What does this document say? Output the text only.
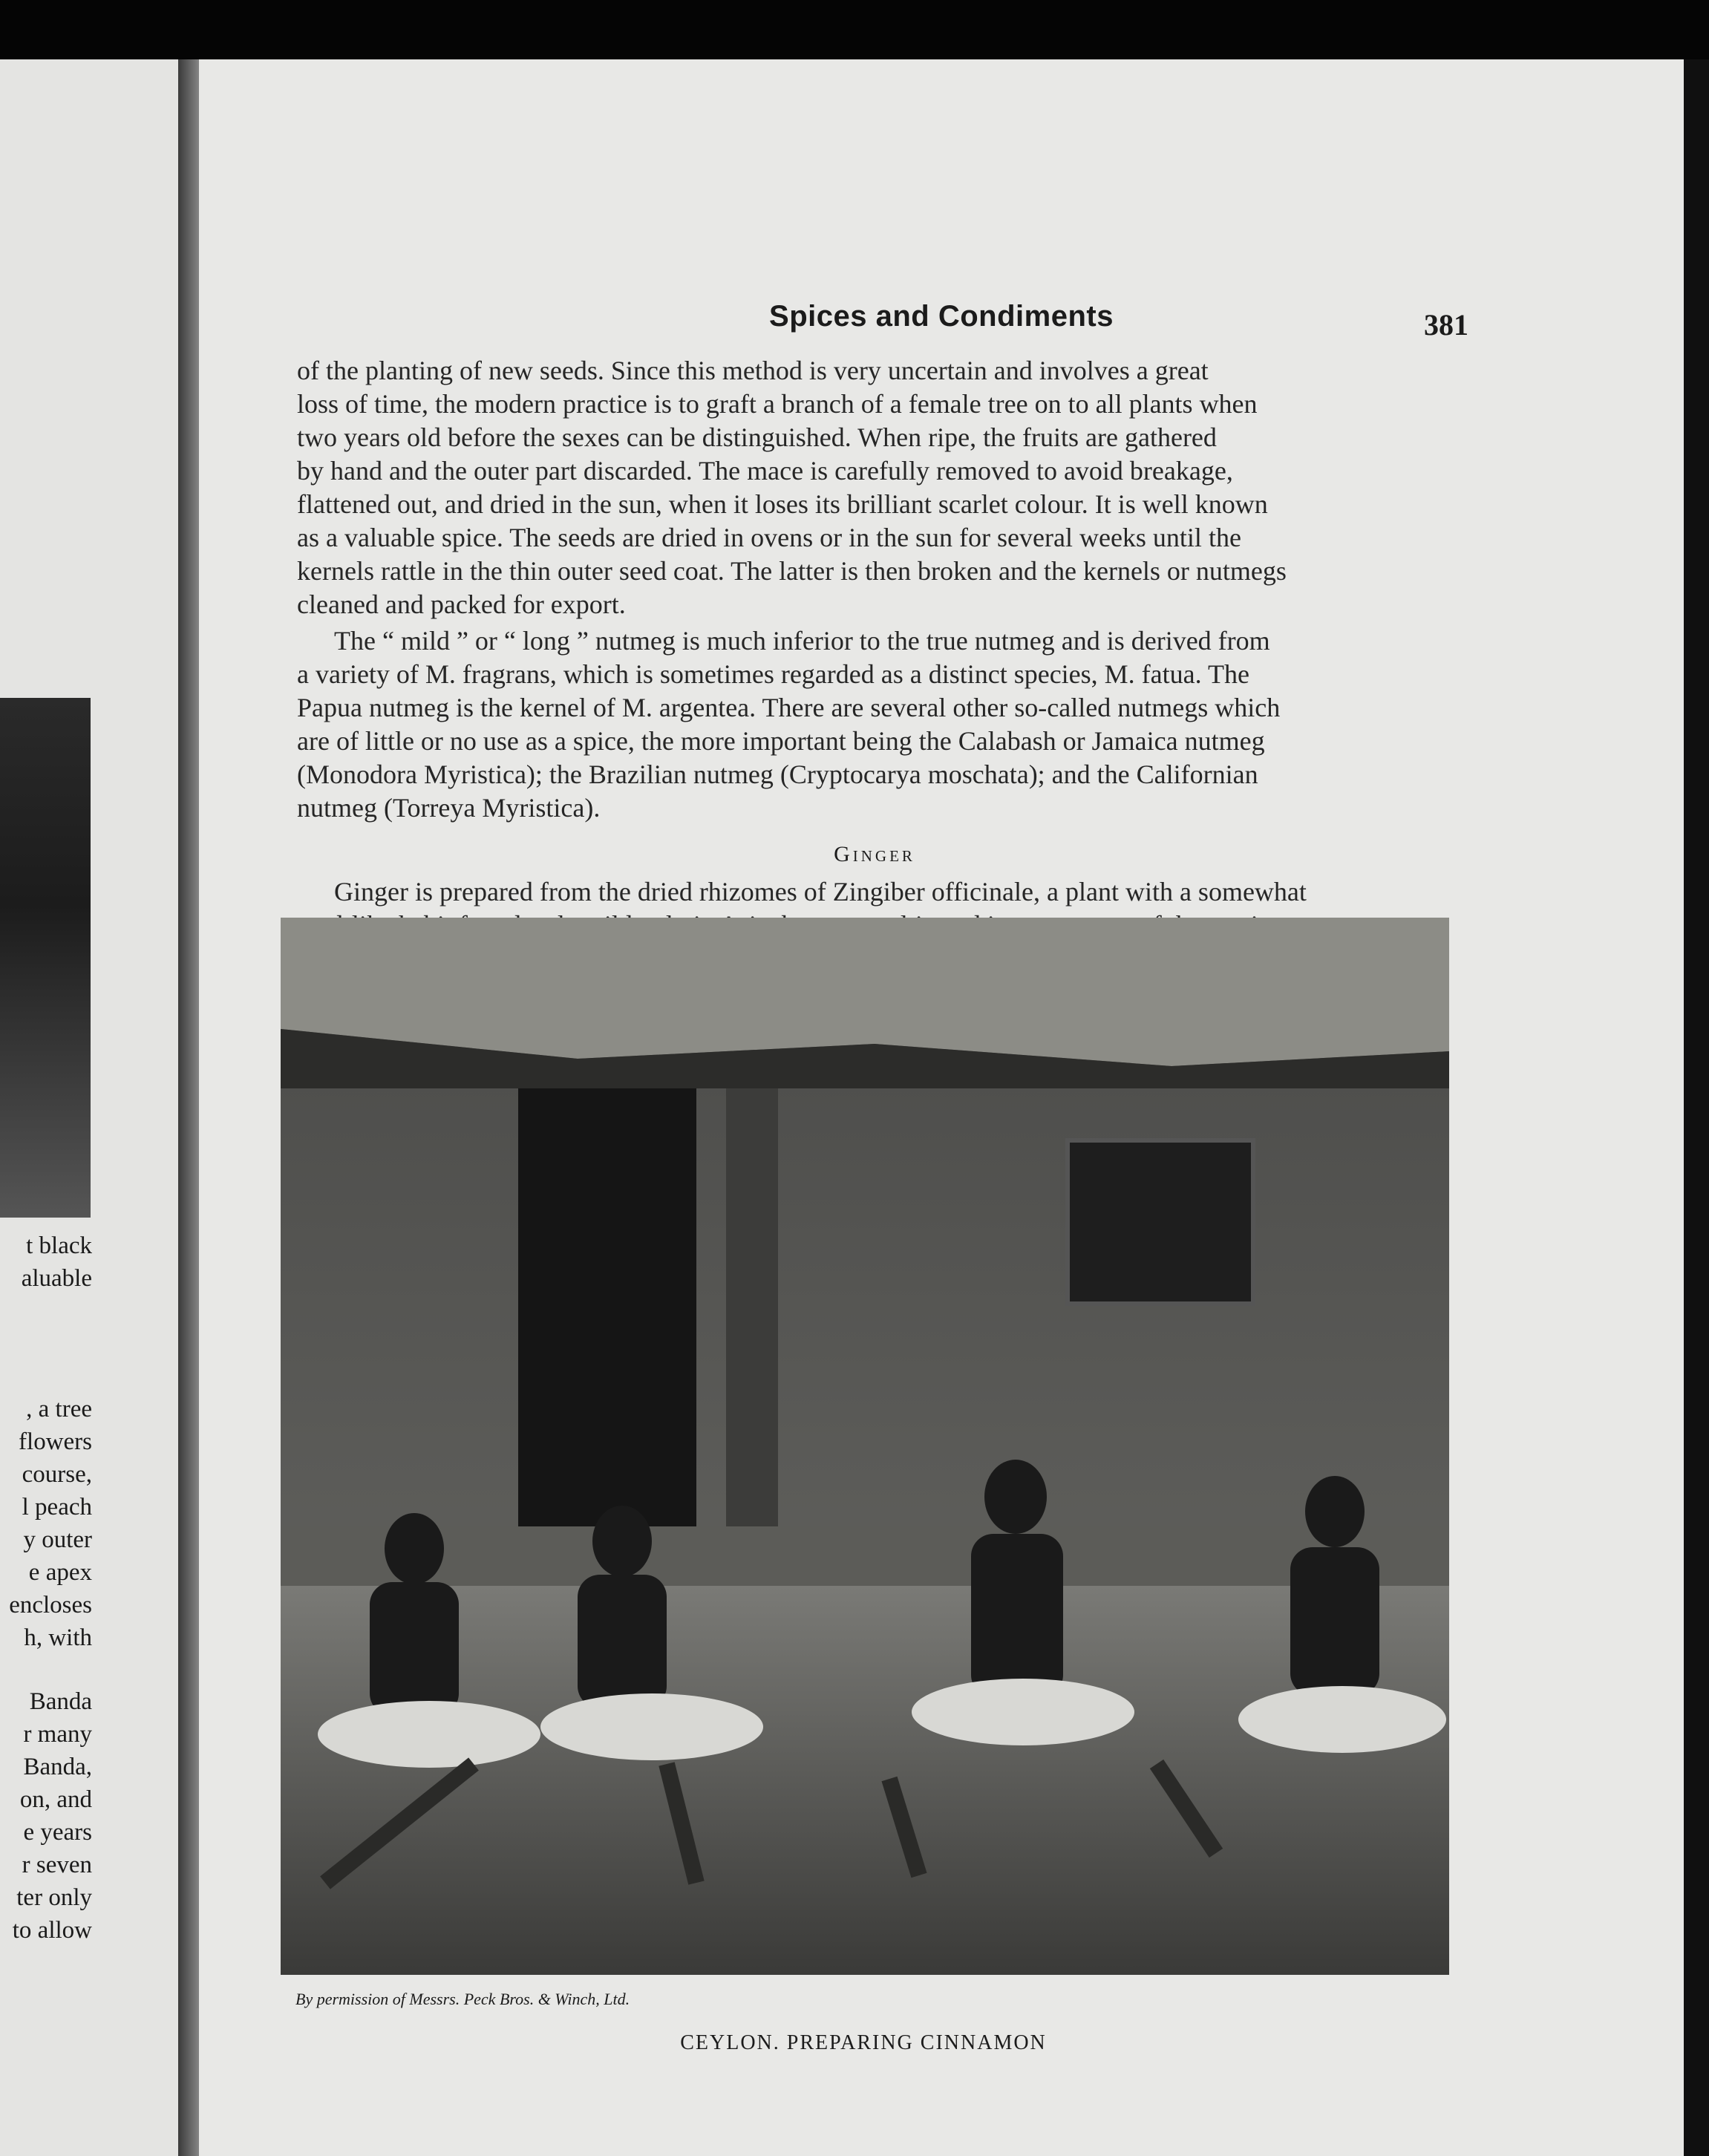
t black
aluable
, a tree
flowers
course,
l peach
y outer
e apex
encloses
h, with
Banda
r many
Banda,
on, and
e years
r seven
ter only
to allow
Spices and Condiments	381
of the planting of new seeds. Since this method is very uncertain and involves a great
loss of time, the modern practice is to graft a branch of a female tree on to all plants when
two years old before the sexes can be distinguished. When ripe, the fruits are gathered
by hand and the outer part discarded. The mace is carefully removed to avoid breakage,
flattened out, and dried in the sun, when it loses its brilliant scarlet colour. It is well known
as a valuable spice. The seeds are dried in ovens or in the sun for several weeks until the
kernels rattle in the thin outer seed coat. The latter is then broken and the kernels or nutmegs
cleaned and packed for export.
The “ mild ” or “ long ” nutmeg is much inferior to the true nutmeg and is derived from
a variety of M. fragrans, which is sometimes regarded as a distinct species, M. fatua. The
Papua nutmeg is the kernel of M. argentea. There are several other so-called nutmegs which
are of little or no use as a spice, the more important being the Calabash or Jamaica nutmeg
(Monodora Myristica); the Brazilian nutmeg (Cryptocarya moschata); and the Californian
nutmeg (Torreya Myristica).
Ginger
Ginger is prepared from the dried rhizomes of Zingiber officinale, a plant with a somewhat
By permission of Messrs. Peck Bros. & Winch, Ltd.
CEYLON. PREPARING CINNAMON
